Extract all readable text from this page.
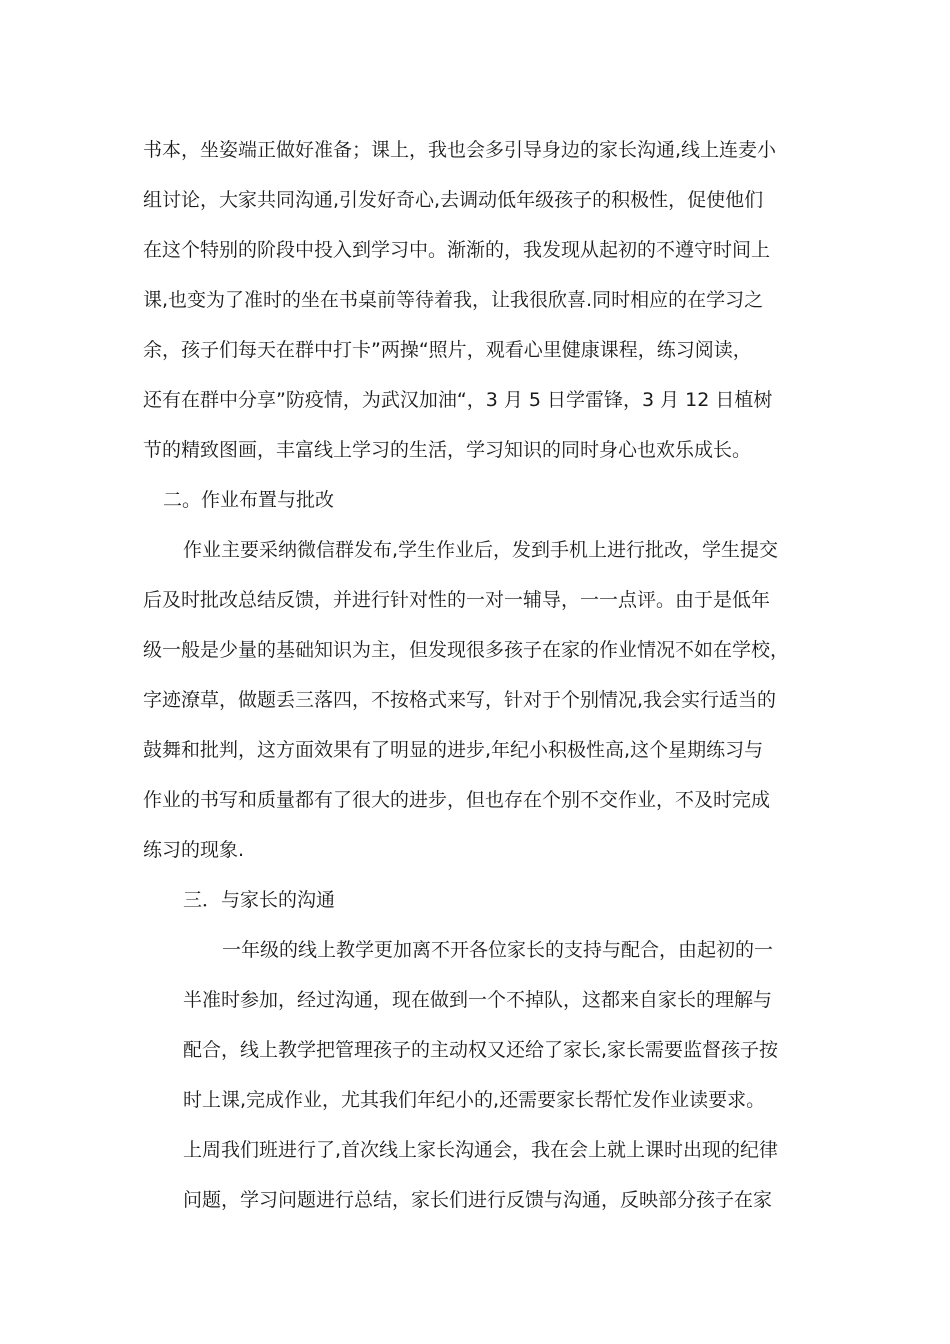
书本，坐姿端正做好准备；课上，我也会多引导身边的家长沟通,线上连麦小
组讨论，大家共同沟通,引发好奇心,去调动低年级孩子的积极性，促使他们
在这个特别的阶段中投入到学习中。渐渐的，我发现从起初的不遵守时间上
课,也变为了准时的坐在书桌前等待着我，让我很欣喜.同时相应的在学习之
余，孩子们每天在群中打卡”两操“照片，观看心里健康课程，练习阅读，
还有在群中分享”防疫情，为武汉加油“，3 月 5 日学雷锋，3 月 12 日植树
节的精致图画，丰富线上学习的生活，学习知识的同时身心也欢乐成长。
二。作业布置与批改
作业主要采纳微信群发布,学生作业后，发到手机上进行批改，学生提交
后及时批改总结反馈，并进行针对性的一对一辅导，一一点评。由于是低年
级一般是少量的基础知识为主，但发现很多孩子在家的作业情况不如在学校，
字迹潦草，做题丢三落四，不按格式来写，针对于个别情况,我会实行适当的
鼓舞和批判，这方面效果有了明显的进步,年纪小积极性高,这个星期练习与
作业的书写和质量都有了很大的进步，但也存在个别不交作业，不及时完成
练习的现象.
三．与家长的沟通
一年级的线上教学更加离不开各位家长的支持与配合，由起初的一
半准时参加，经过沟通，现在做到一个不掉队，这都来自家长的理解与
配合，线上教学把管理孩子的主动权又还给了家长,家长需要监督孩子按
时上课,完成作业，尤其我们年纪小的,还需要家长帮忙发作业读要求。
上周我们班进行了,首次线上家长沟通会，我在会上就上课时出现的纪律
问题，学习问题进行总结，家长们进行反馈与沟通，反映部分孩子在家
